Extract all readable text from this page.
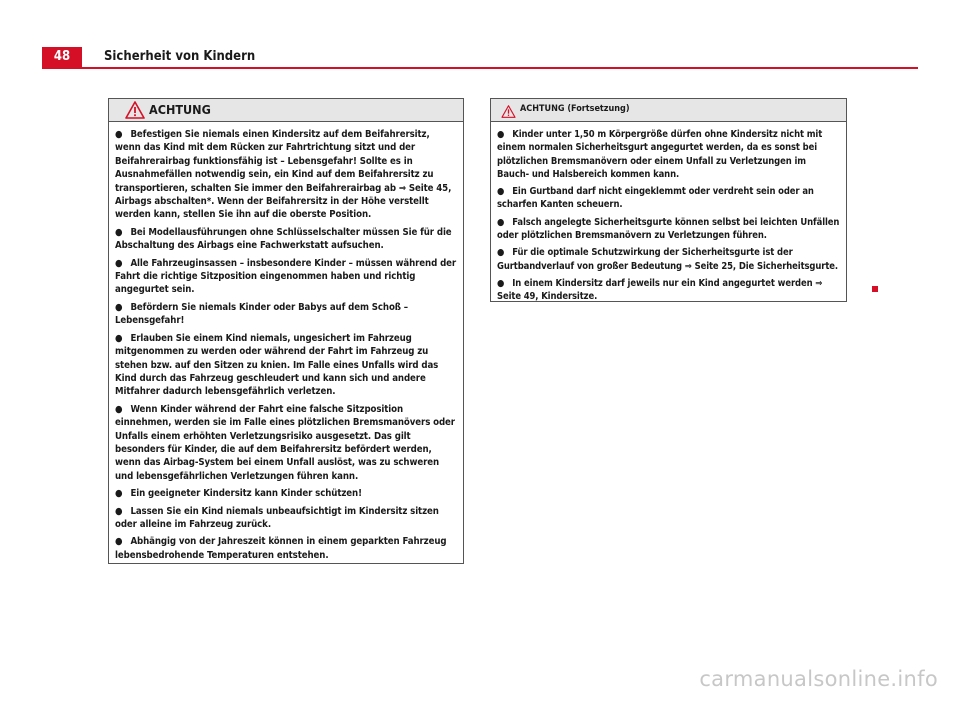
48	Sicherheit von Kindern
ACHTUNG
● Befestigen Sie niemals einen Kindersitz auf dem Beifahrersitz, wenn das Kind mit dem Rücken zur Fahrtrichtung sitzt und der Beifahrerairbag funktionsfähig ist – Lebensgefahr! Sollte es in Ausnahmefällen notwendig sein, ein Kind auf dem Beifahrersitz zu transportieren, schalten Sie immer den Beifahrerairbag ab ⇒ Seite 45, Airbags abschalten*. Wenn der Beifahrersitz in der Höhe verstellt werden kann, stellen Sie ihn auf die oberste Position.
● Bei Modellausführungen ohne Schlüsselschalter müssen Sie für die Abschaltung des Airbags eine Fachwerkstatt aufsuchen.
● Alle Fahrzeuginsassen – insbesondere Kinder – müssen während der Fahrt die richtige Sitzposition eingenommen haben und richtig angegurtet sein.
● Befördern Sie niemals Kinder oder Babys auf dem Schoß – Lebensgefahr!
● Erlauben Sie einem Kind niemals, ungesichert im Fahrzeug mitgenommen zu werden oder während der Fahrt im Fahrzeug zu stehen bzw. auf den Sitzen zu knien. Im Falle eines Unfalls wird das Kind durch das Fahrzeug geschleudert und kann sich und andere Mitfahrer dadurch lebensgefährlich verletzen.
● Wenn Kinder während der Fahrt eine falsche Sitzposition einnehmen, werden sie im Falle eines plötzlichen Bremsmanövers oder Unfalls einem erhöhten Verletzungsrisiko ausgesetzt. Das gilt besonders für Kinder, die auf dem Beifahrersitz befördert werden, wenn das Airbag-System bei einem Unfall auslöst, was zu schweren und lebensgefährlichen Verletzungen führen kann.
● Ein geeigneter Kindersitz kann Kinder schützen!
● Lassen Sie ein Kind niemals unbeaufsichtigt im Kindersitz sitzen oder alleine im Fahrzeug zurück.
● Abhängig von der Jahreszeit können in einem geparkten Fahrzeug lebensbedrohende Temperaturen entstehen.
ACHTUNG (Fortsetzung)
● Kinder unter 1,50 m Körpergröße dürfen ohne Kindersitz nicht mit einem normalen Sicherheitsgurt angegurtet werden, da es sonst bei plötzlichen Bremsmanövern oder einem Unfall zu Verletzungen im Bauch- und Halsbereich kommen kann.
● Ein Gurtband darf nicht eingeklemmt oder verdreht sein oder an scharfen Kanten scheuern.
● Falsch angelegte Sicherheitsgurte können selbst bei leichten Unfällen oder plötzlichen Bremsmanövern zu Verletzungen führen.
● Für die optimale Schutzwirkung der Sicherheitsgurte ist der Gurtbandverlauf von großer Bedeutung ⇒ Seite 25, Die Sicherheitsgurte.
● In einem Kindersitz darf jeweils nur ein Kind angegurtet werden ⇒ Seite 49, Kindersitze.
carmanualsonline.info
